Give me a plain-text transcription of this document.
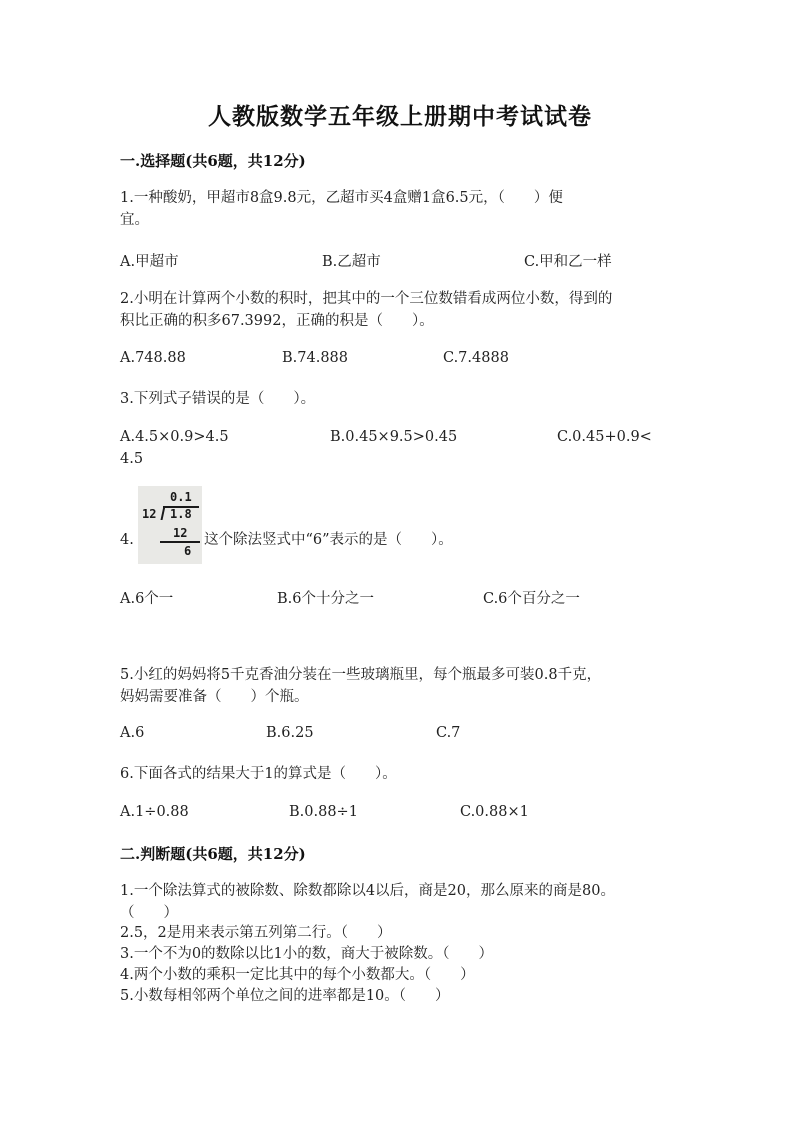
人教版数学五年级上册期中考试试卷
一.选择题(共6题，共12分)
1.一种酸奶，甲超市8盒9.8元，乙超市买4盒赠1盒6.5元，（　　）便
宜。
A.甲超市	B.乙超市	C.甲和乙一样
2.小明在计算两个小数的积时，把其中的一个三位数错看成两位小数，得到的
积比正确的积多67.3992，正确的积是（　　）。
A.748.88	B.74.888	C.7.4888
3.下列式子错误的是（　　）。
A.4.5×0.9>4.5	B.0.45×9.5>0.45	C.0.45+0.9<
4.5
4.
0.1
12 1.8
12
6
这个除法竖式中“6”表示的是（　　）。
A.6个一	B.6个十分之一	C.6个百分之一
5.小红的妈妈将5千克香油分装在一些玻璃瓶里，每个瓶最多可装0.8千克，
妈妈需要准备（　　）个瓶。
A.6	B.6.25	C.7
6.下面各式的结果大于1的算式是（　　）。
A.1÷0.88	B.0.88÷1	C.0.88×1
二.判断题(共6题，共12分)
1.一个除法算式的被除数、除数都除以4以后，商是20，那么原来的商是80。
（　　）
2.5，2是用来表示第五列第二行。（　　）
3.一个不为0的数除以比1小的数，商大于被除数。（　　）
4.两个小数的乘积一定比其中的每个小数都大。（　　）
5.小数每相邻两个单位之间的进率都是10。（　　）
